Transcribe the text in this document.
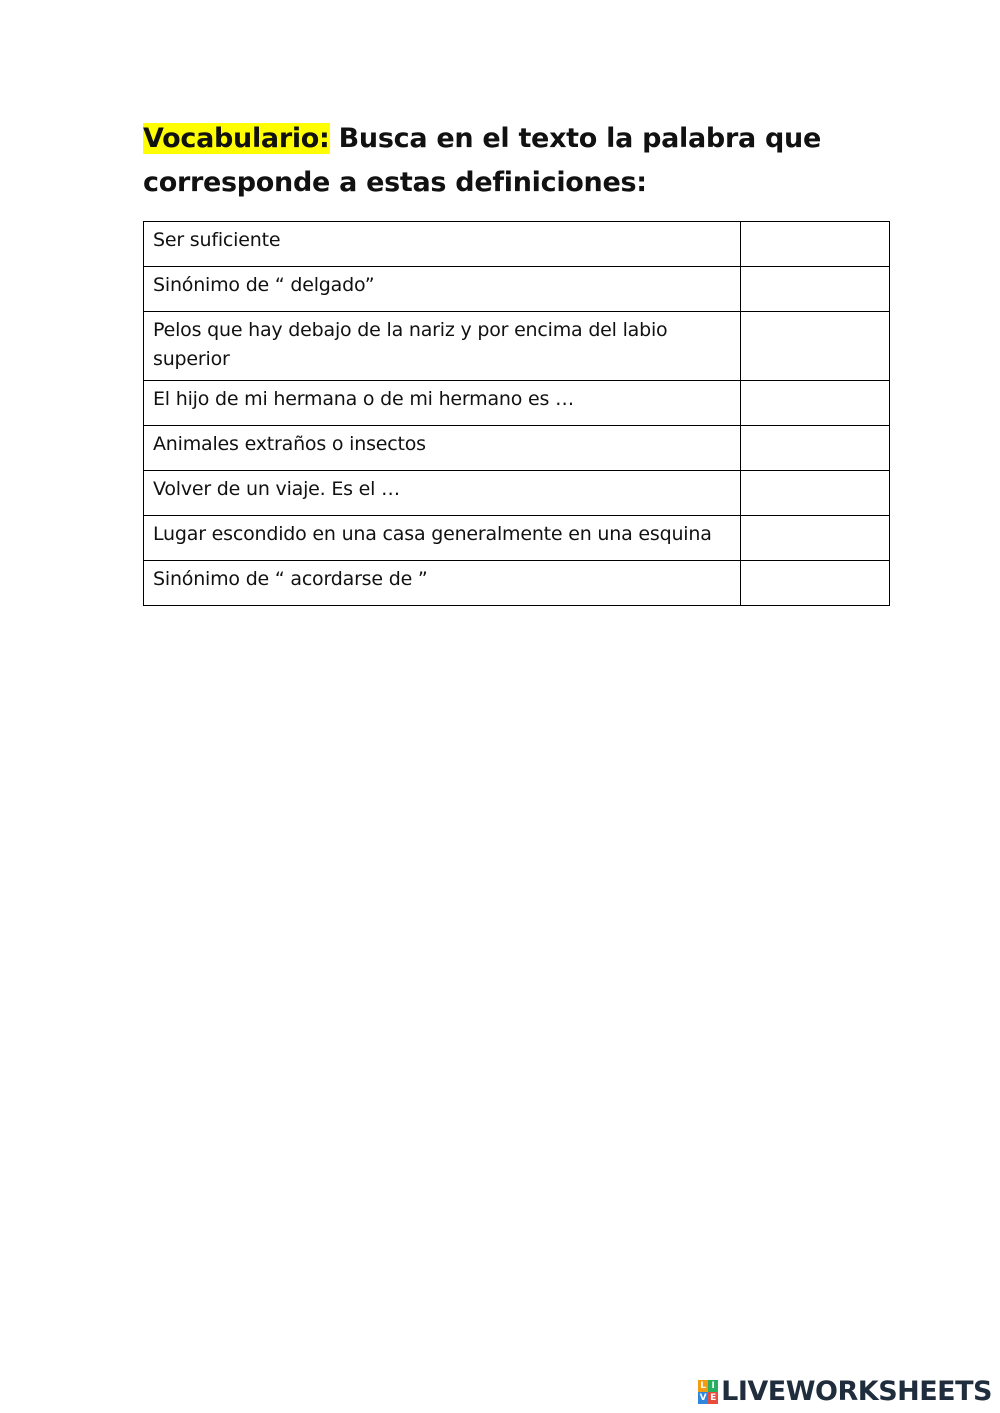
Vocabulario: Busca en el texto la palabra que corresponde a estas definiciones:
Ser suficiente	
Sinónimo de “ delgado”	
Pelos que hay debajo de la nariz y por encima del labio superior	
El hijo de mi hermana o de mi hermano es …	
Animales extraños o insectos	
Volver de un viaje. Es el …	
Lugar escondido en una casa generalmente en una esquina	
Sinónimo de “ acordarse de ”	
L I
V E LIVEWORKSHEETS
